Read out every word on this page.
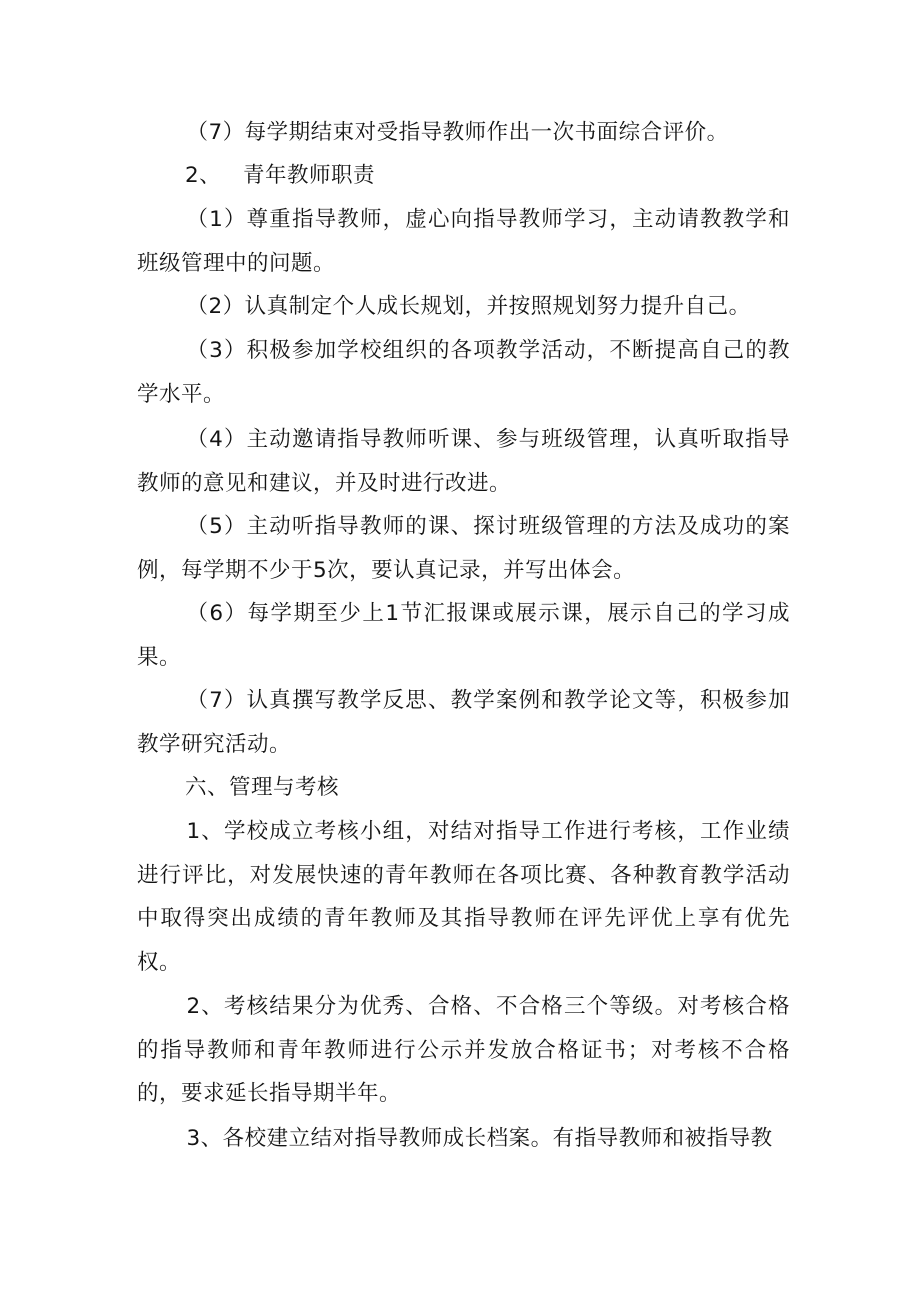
（7）每学期结束对受指导教师作出一次书面综合评价。

2、 青年教师职责

（1）尊重指导教师，虚心向指导教师学习，主动请教教学和班级管理中的问题。

（2）认真制定个人成长规划，并按照规划努力提升自己。

（3）积极参加学校组织的各项教学活动，不断提高自己的教学水平。

（4）主动邀请指导教师听课、参与班级管理，认真听取指导教师的意见和建议，并及时进行改进。

（5）主动听指导教师的课、探讨班级管理的方法及成功的案例，每学期不少于5次，要认真记录，并写出体会。

（6）每学期至少上1节汇报课或展示课，展示自己的学习成果。

（7）认真撰写教学反思、教学案例和教学论文等，积极参加教学研究活动。

六、管理与考核

1、学校成立考核小组，对结对指导工作进行考核，工作业绩进行评比，对发展快速的青年教师在各项比赛、各种教育教学活动中取得突出成绩的青年教师及其指导教师在评先评优上享有优先权。

2、考核结果分为优秀、合格、不合格三个等级。对考核合格的指导教师和青年教师进行公示并发放合格证书；对考核不合格的，要求延长指导期半年。

3、各校建立结对指导教师成长档案。有指导教师和被指导教
